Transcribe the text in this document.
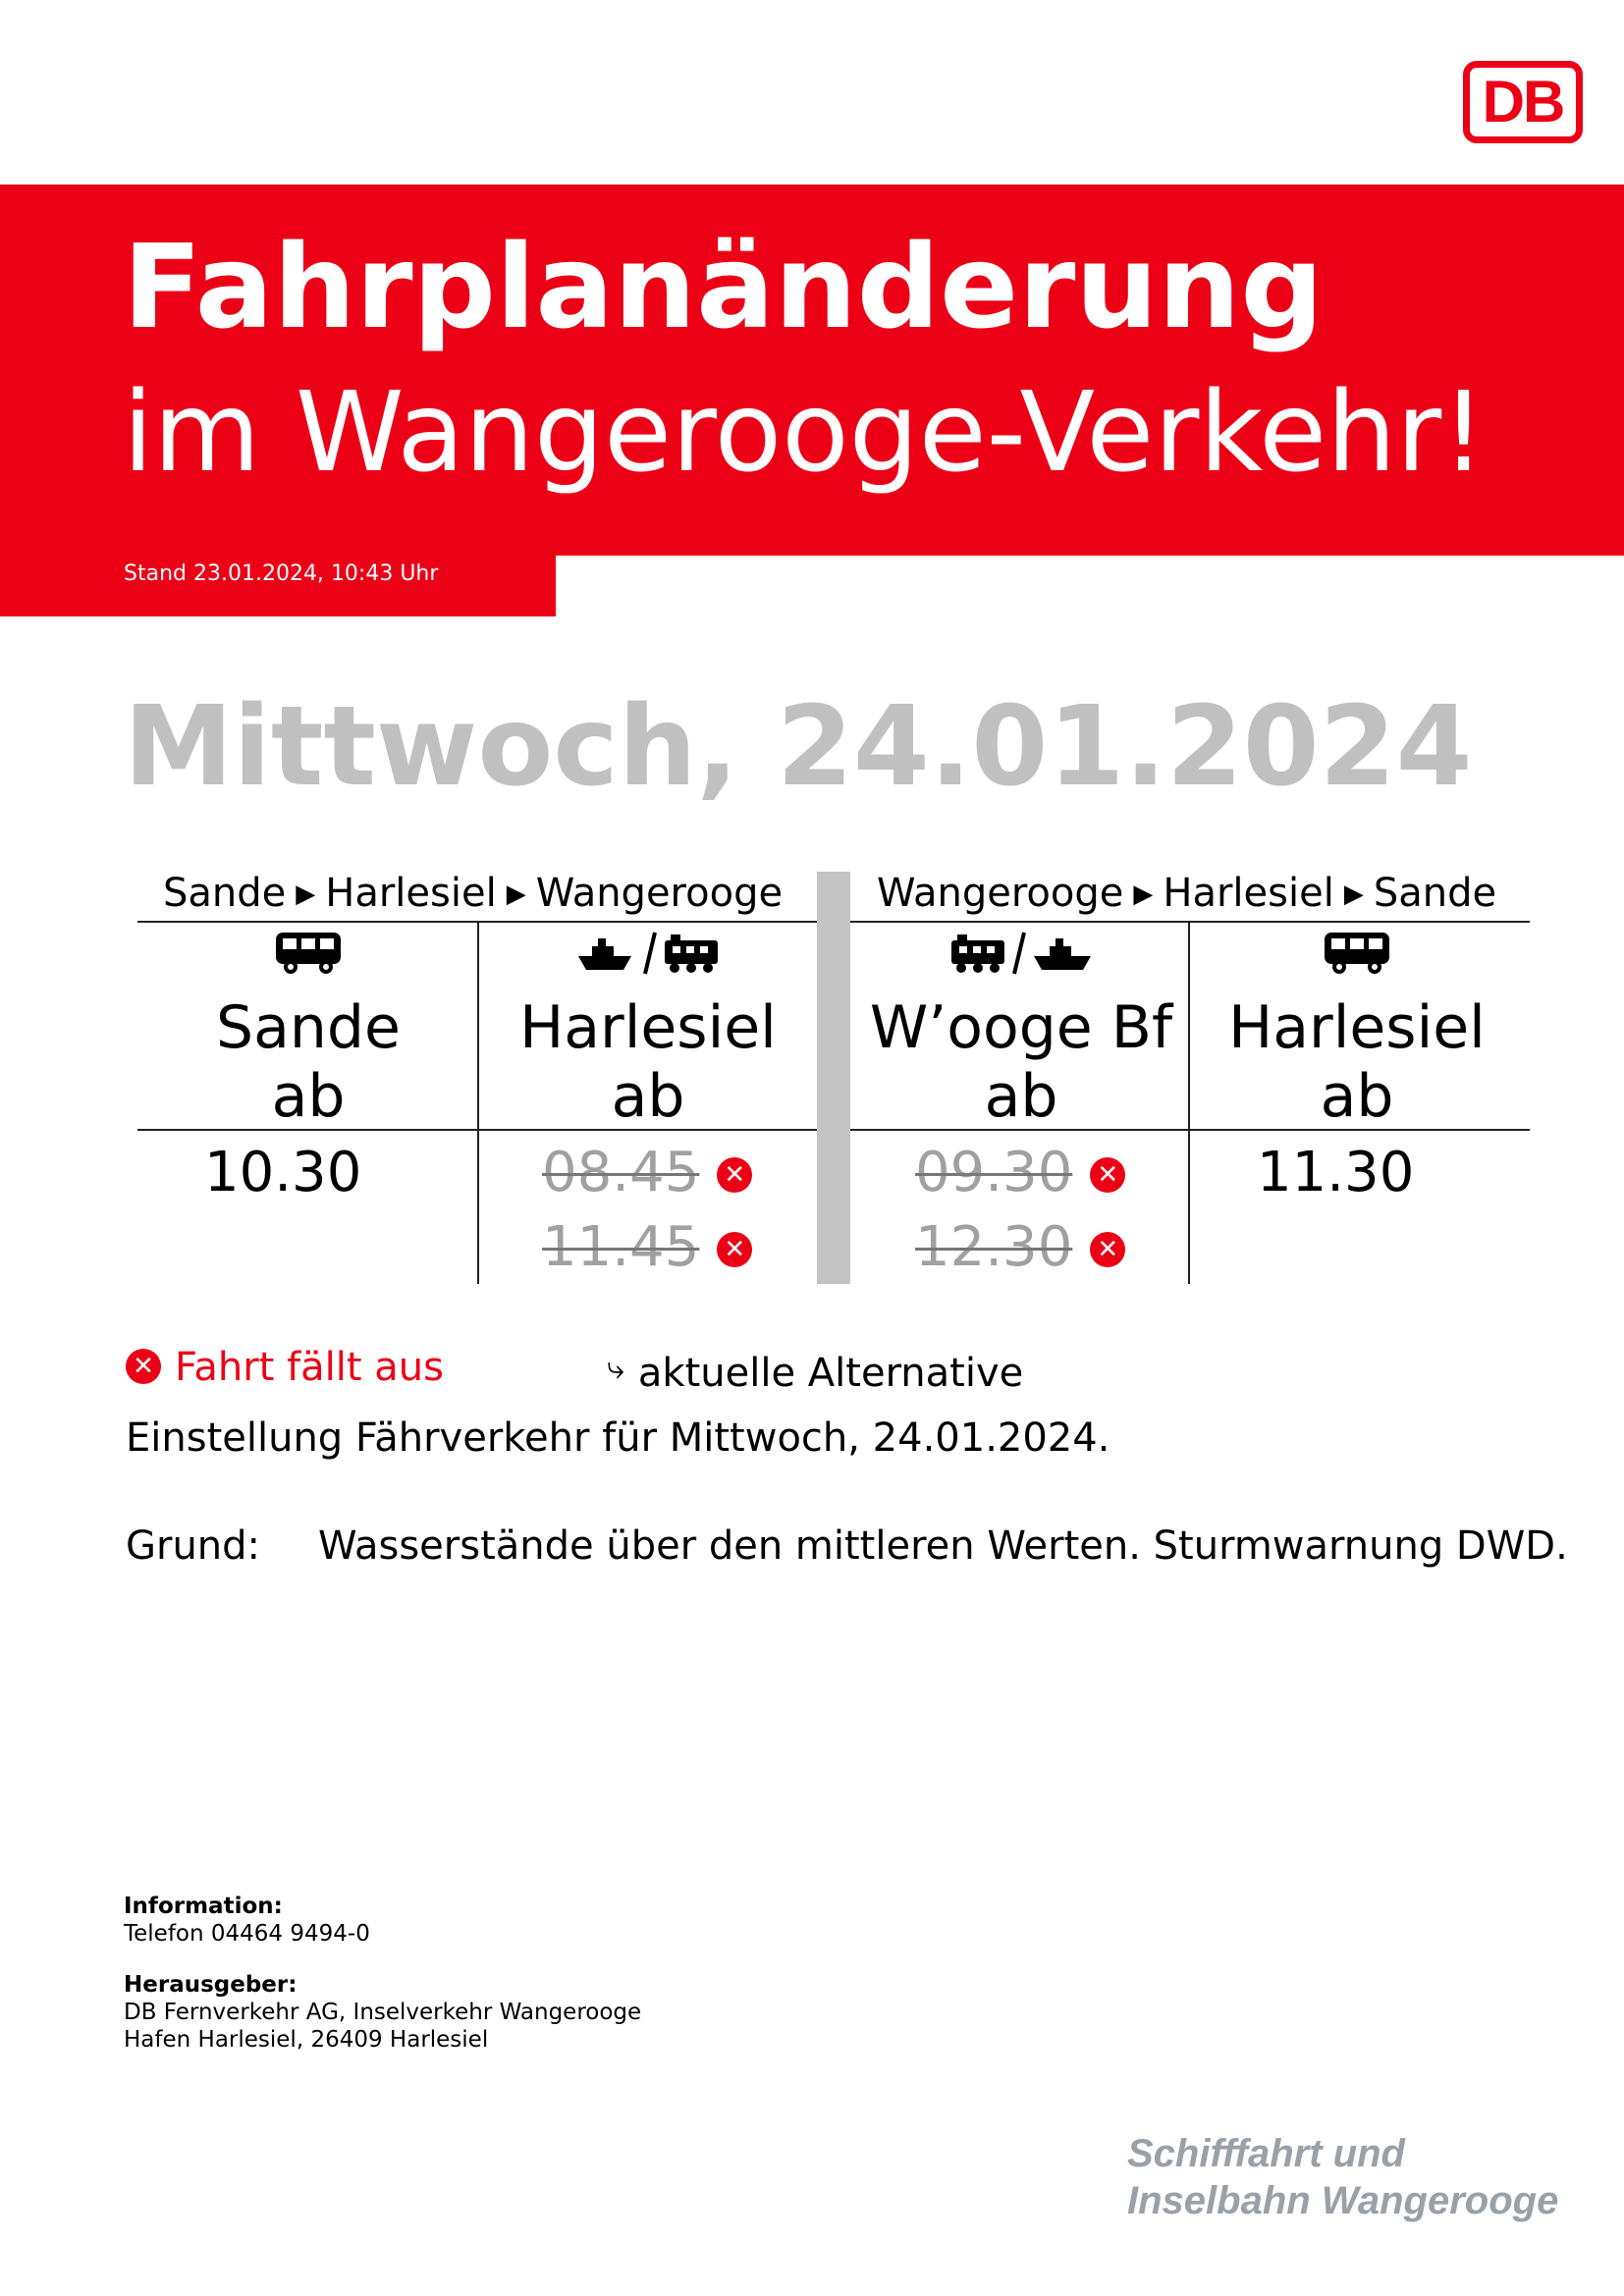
DB
Fahrplanänderung
im Wangerooge-Verkehr!
Stand 23.01.2024, 10:43 Uhr
Mittwoch, 24.01.2024
Sande ▶ Harlesiel ▶ Wangerooge Wangerooge ▶ Harlesiel ▶ Sande
Sande
ab
Harlesiel
ab
W’ooge Bf
ab
Harlesiel
ab
10.30	08.45 ✕
11.45 ✕
09.30 ✕
12.30 ✕
11.30
✕ Fahrt fällt aus	⤷ aktuelle Alternative
Einstellung Fährverkehr für Mittwoch, 24.01.2024.
Grund: Wasserstände über den mittleren Werten. Sturmwarnung DWD.
Information:
Telefon 04464 9494-0
Herausgeber:
DB Fernverkehr AG, Inselverkehr Wangerooge
Hafen Harlesiel, 26409 Harlesiel
Schifffahrt und
Inselbahn Wangerooge
